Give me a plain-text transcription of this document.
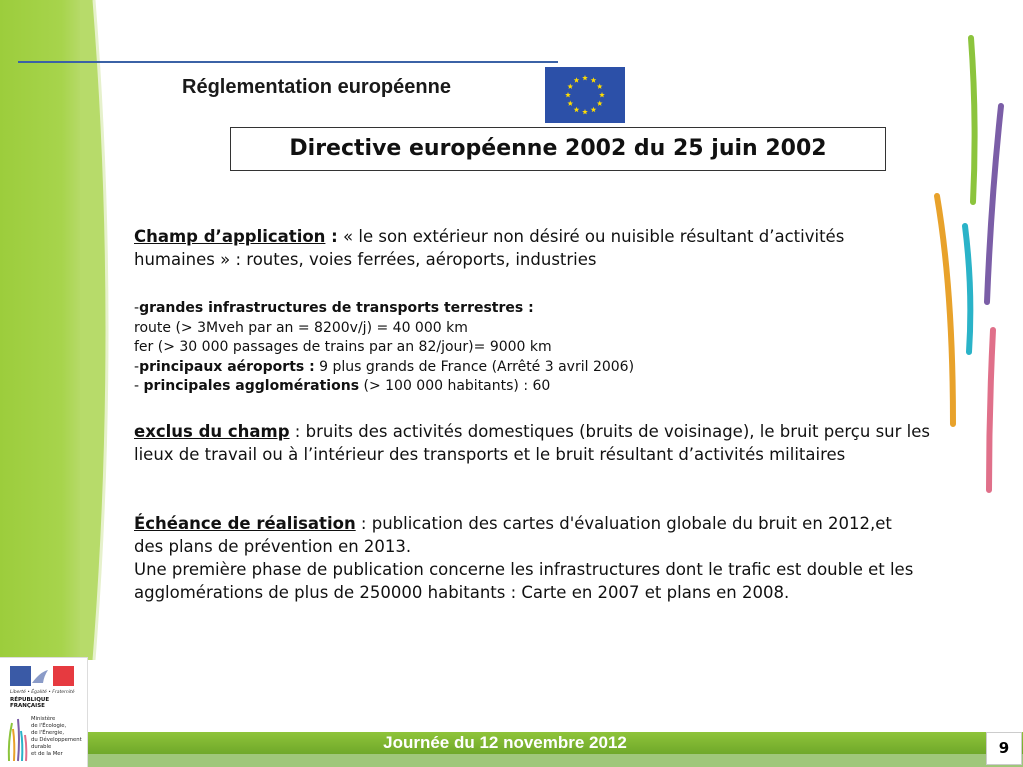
Réglementation européenne
Directive européenne 2002 du 25 juin 2002
Champ d’application : « le son extérieur non désiré ou nuisible résultant d’activités humaines » : routes, voies ferrées, aéroports, industries
-grandes infrastructures de transports terrestres :
route (> 3Mveh par an = 8200v/j) = 40 000 km
fer (> 30 000 passages de trains par an 82/jour)= 9000 km
-principaux aéroports : 9 plus grands de France (Arrêté 3 avril 2006)
- principales agglomérations (> 100 000 habitants) : 60
exclus du champ : bruits des activités domestiques (bruits de voisinage), le bruit perçu sur les lieux de travail ou à l’intérieur des transports et le bruit résultant d’activités militaires
Échéance de réalisation : publication des cartes d'évaluation globale du bruit en 2012,et des plans de prévention en 2013.
Une première phase de publication concerne les infrastructures dont le trafic est double et les agglomérations de plus de 250000 habitants : Carte en 2007 et plans en 2008.
Liberté • Égalité • Fraternité
RÉPUBLIQUE FRANÇAISE
Ministère
de l'Écologie,
de l'Énergie,
du Développement
durable
et de la Mer
Journée du 12 novembre 2012	9
